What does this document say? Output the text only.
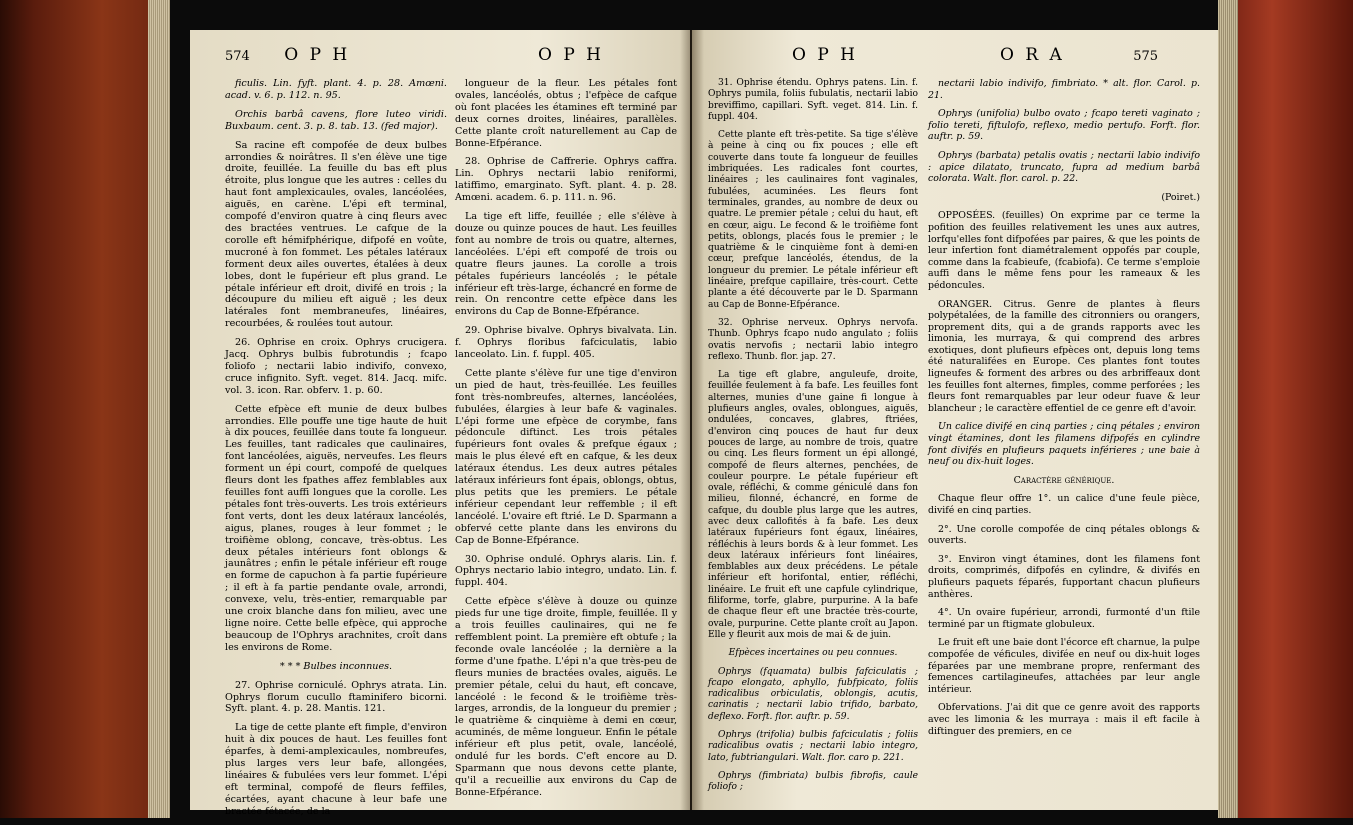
574 O P H	O P H	O P H	O R A	575

ficulis. Lin. fyft. plant. 4. p. 28. Amœni. acad. v. 6. p. 112. n. 95.

Orchis barbâ cavens, flore luteo viridi. Buxbaum. cent. 3. p. 8. tab. 13. (fed major).

Sa racine eft compofée de deux bulbes arrondies & noirâtres. Il s'en élève une tige droite, feuillée. La feuille du bas eft plus étroite, plus longue que les autres : celles du haut font amplexicaules, ovales, lancéolées, aiguës, en carène. L'épi eft terminal, compofé d'environ quatre à cinq fleurs avec des bractées ventrues. Le cafque de la corolle eft hémifphérique, difpofé en voûte, mucroné à fon fommet. Les pétales latéraux forment deux ailes ouvertes, étalées à deux lobes, dont le fupérieur eft plus grand. Le pétale inférieur eft droit, divifé en trois ; la découpure du milieu eft aiguë ; les deux latérales font membraneufes, linéaires, recourbées, & roulées tout autour.

26. Ophrise en croix. Ophrys crucigera. Jacq. Ophrys bulbis fubrotundis ; fcapo foliofo ; nectarii labio indivifo, convexo, cruce infignito. Syft. veget. 814. Jacq. mifc. vol. 3. icon. Rar. obferv. 1. p. 60.

Cette efpèce eft munie de deux bulbes arrondies. Elle pouffe une tige haute de huit à dix pouces, feuillée dans toute fa longueur. Les feuilles, tant radicales que caulinaires, font lancéolées, aiguës, nerveufes. Les fleurs forment un épi court, compofé de quelques fleurs dont les fpathes affez femblables aux feuilles font auffi longues que la corolle. Les pétales font très-ouverts. Les trois extérieurs font verts, dont les deux latéraux lancéolés, aigus, planes, rouges à leur fommet ; le troifième oblong, concave, très-obtus. Les deux pétales intérieurs font oblongs & jaunâtres ; enfin le pétale inférieur eft rouge en forme de capuchon à fa partie fupérieure ; il eft à fa partie pendante ovale, arrondi, convexe, velu, très-entier, remarquable par une croix blanche dans fon milieu, avec une ligne noire. Cette belle efpèce, qui approche beaucoup de l'Ophrys arachnites, croît dans les environs de Rome.

* * * Bulbes inconnues.

27. Ophrise corniculé. Ophrys atrata. Lin. Ophrys florum cucullo ftaminifero bicorni. Syft. plant. 4. p. 28. Mantis. 121.

La tige de cette plante eft fimple, d'environ huit à dix pouces de haut. Les feuilles font éparfes, à demi-amplexicaules, nombreufes, plus larges vers leur bafe, allongées, linéaires & fubulées vers leur fommet. L'épi eft terminal, compofé de fleurs feffiles, écartées, ayant chacune à leur bafe une bractée fétacée, de la

longueur de la fleur. Les pétales font ovales, lancéolés, obtus ; l'efpèce de cafque où font placées les étamines eft terminé par deux cornes droites, linéaires, parallèles. Cette plante croît naturellement au Cap de Bonne-Efpérance.

28. Ophrise de Caffrerie. Ophrys caffra. Lin. Ophrys nectarii labio reniformi, latiffimo, emarginato. Syft. plant. 4. p. 28. Amœni. academ. 6. p. 111. n. 96.

La tige eft liffe, feuillée ; elle s'élève à douze ou quinze pouces de haut. Les feuilles font au nombre de trois ou quatre, alternes, lancéolées. L'épi eft compofé de trois ou quatre fleurs jaunes. La corolle a trois pétales fupérieurs lancéolés ; le pétale inférieur eft très-large, échancré en forme de rein. On rencontre cette efpèce dans les environs du Cap de Bonne-Efpérance.

29. Ophrise bivalve. Ophrys bivalvata. Lin. f. Ophrys floribus fafciculatis, labio lanceolato. Lin. f. fuppl. 405.

Cette plante s'élève fur une tige d'environ un pied de haut, très-feuillée. Les feuilles font très-nombreufes, alternes, lancéolées, fubulées, élargies à leur bafe & vaginales. L'épi forme une efpèce de corymbe, fans pédoncule diftinct. Les trois pétales fupérieurs font ovales & prefque égaux ; mais le plus élevé eft en cafque, & les deux latéraux étendus. Les deux autres pétales latéraux inférieurs font épais, oblongs, obtus, plus petits que les premiers. Le pétale inférieur cependant leur reffemble ; il eft lancéolé. L'ovaire eft ftrié. Le D. Sparmann a obfervé cette plante dans les environs du Cap de Bonne-Efpérance.

30. Ophrise ondulé. Ophrys alaris. Lin. f. Ophrys nectario labio integro, undato. Lin. f. fuppl. 404.

Cette efpèce s'élève à douze ou quinze pieds fur une tige droite, fimple, feuillée. Il y a trois feuilles caulinaires, qui ne fe reffemblent point. La première eft obtufe ; la feconde ovale lancéolée ; la dernière a la forme d'une fpathe. L'épi n'a que très-peu de fleurs munies de bractées ovales, aiguës. Le premier pétale, celui du haut, eft concave, lancéolé : le fecond & le troifième très-larges, arrondis, de la longueur du premier ; le quatrième & cinquième à demi en cœur, acuminés, de même longueur. Enfin le pétale inférieur eft plus petit, ovale, lancéolé, ondulé fur les bords. C'eft encore au D. Sparmann que nous devons cette plante, qu'il a recueillie aux environs du Cap de Bonne-Efpérance.

31. Ophrise étendu. Ophrys patens. Lin. f. Ophrys pumila, foliis fubulatis, nectarii labio breviffimo, capillari. Syft. veget. 814. Lin. f. fuppl. 404.

Cette plante eft très-petite. Sa tige s'élève à peine à cinq ou fix pouces ; elle eft couverte dans toute fa longueur de feuilles imbriquées. Les radicales font courtes, linéaires ; les caulinaires font vaginales, fubulées, acuminées. Les fleurs font terminales, grandes, au nombre de deux ou quatre. Le premier pétale ; celui du haut, eft en cœur, aigu. Le fecond & le troifième font petits, oblongs, placés fous le premier ; le quatrième & le cinquième font à demi-en cœur, prefque lancéolés, étendus, de la longueur du premier. Le pétale inférieur eft linéaire, prefque capillaire, très-court. Cette plante a été découverte par le D. Sparmann au Cap de Bonne-Efpérance.

32. Ophrise nerveux. Ophrys nervofa. Thunb. Ophrys fcapo nudo angulato ; foliis ovatis nervofis ; nectarii labio integro reflexo. Thunb. flor. jap. 27.

La tige eft glabre, anguleufe, droite, feuillée feulement à fa bafe. Les feuilles font alternes, munies d'une gaine fi longue à plufieurs angles, ovales, oblongues, aiguës, ondulées, concaves, glabres, ftriées, d'environ cinq pouces de haut fur deux pouces de large, au nombre de trois, quatre ou cinq. Les fleurs forment un épi allongé, compofé de fleurs alternes, penchées, de couleur pourpre. Le pétale fupérieur eft ovale, réfléchi, & comme géniculé dans fon milieu, filonné, échancré, en forme de cafque, du double plus large que les autres, avec deux callofités à fa bafe. Les deux latéraux fupérieurs font égaux, linéaires, réfléchis à leurs bords & à leur fommet. Les deux latéraux inférieurs font linéaires, femblables aux deux précédens. Le pétale inférieur eft horifontal, entier, réfléchi, linéaire. Le fruit eft une capfule cylindrique, filiforme, torfe, glabre, purpurine. A la bafe de chaque fleur eft une bractée très-courte, ovale, purpurine. Cette plante croît au Japon. Elle y fleurit aux mois de mai & de juin.

Efpèces incertaines ou peu connues.

Ophrys (fquamata) bulbis fafciculatis ; fcapo elongato, aphyllo, fubfpicato, foliis radicalibus orbiculatis, oblongis, acutis, carinatis ; nectarii labio trifido, barbato, deflexo. Forft. flor. auftr. p. 59.

Ophrys (trifolia) bulbis fafciculatis ; foliis radicalibus ovatis ; nectarii labio integro, lato, fubtriangulari. Walt. flor. caro p. 221.

Ophrys (fimbriata) bulbis fibrofis, caule foliofo ;

nectarii labio indivifo, fimbriato. * alt. flor. Carol. p. 21.

Ophrys (unifolia) bulbo ovato ; fcapo tereti vaginato ; folio tereti, fiftulofo, reflexo, medio pertufo. Forft. flor. auftr. p. 59.

Ophrys (barbata) petalis ovatis ; nectarii labio indivifo : apice dilatato, truncato, fupra ad medium barbâ colorata. Walt. flor. carol. p. 22.

(Poiret.)

OPPOSÉES. (feuilles) On exprime par ce terme la pofition des feuilles relativement les unes aux autres, lorfqu'elles font difpofées par paires, & que les points de leur infertion font diamétralement oppofés par couple, comme dans la fcabieufe, (fcabiofa). Ce terme s'emploie auffi dans le même fens pour les rameaux & les pédoncules.

ORANGER. Citrus. Genre de plantes à fleurs polypétalées, de la famille des citronniers ou orangers, proprement dits, qui a de grands rapports avec les limonia, les murraya, & qui comprend des arbres exotiques, dont plufieurs efpèces ont, depuis long tems été naturalifées en Europe. Ces plantes font toutes ligneufes & forment des arbres ou des arbriffeaux dont les feuilles font alternes, fimples, comme perforées ; les fleurs font remarquables par leur odeur fuave & leur blancheur ; le caractère effentiel de ce genre eft d'avoir.

Un calice divifé en cinq parties ; cinq pétales ; environ vingt étamines, dont les filamens difpofés en cylindre font divifés en plufieurs paquets inférieres ; une baie à neuf ou dix-huit loges.

Caractère générique.

Chaque fleur offre 1°. un calice d'une feule pièce, divifé en cinq parties.

2°. Une corolle compofée de cinq pétales oblongs & ouverts.

3°. Environ vingt étamines, dont les filamens font droits, comprimés, difpofés en cylindre, & divifés en plufieurs paquets féparés, fupportant chacun plufieurs anthères.

4°. Un ovaire fupérieur, arrondi, furmonté d'un ftile terminé par un ftigmate globuleux.

Le fruit eft une baie dont l'écorce eft charnue, la pulpe compofée de véficules, divifée en neuf ou dix-huit loges féparées par une membrane propre, renfermant des femences cartilagineufes, attachées par leur angle intérieur.

Obfervations. J'ai dit que ce genre avoit des rapports avec les limonia & les murraya : mais il eft facile à diftinguer des premiers, en ce
